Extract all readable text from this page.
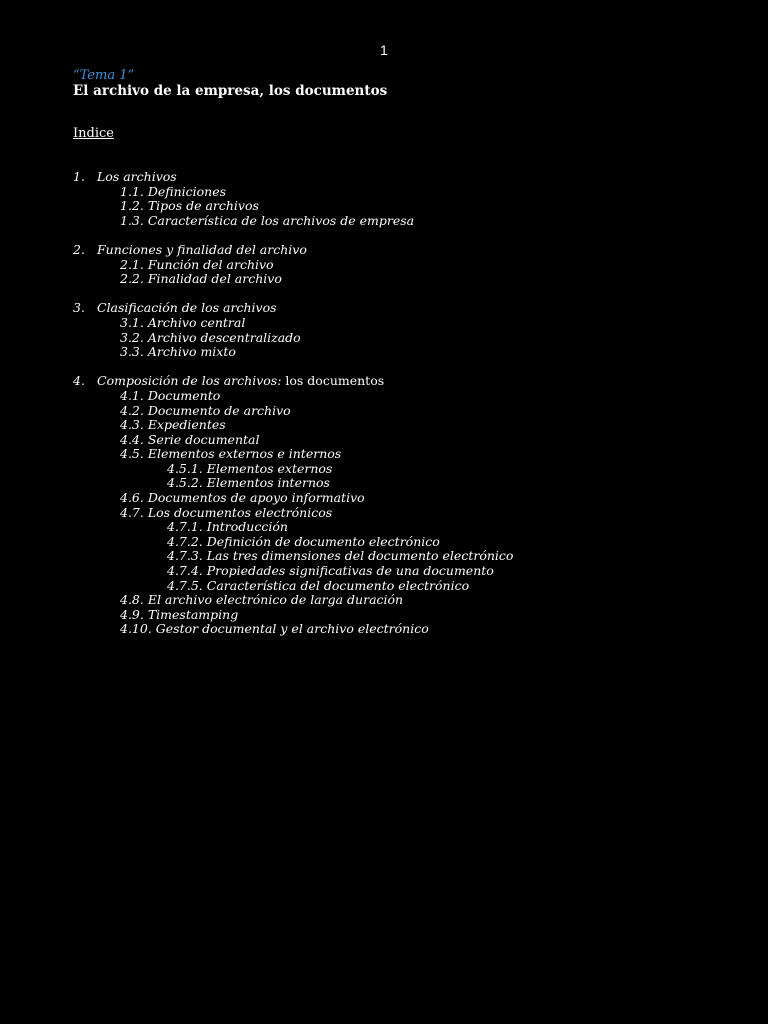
1

“Tema 1”

El archivo de la empresa, los documentos

Indice

1. Los archivos
1.1. Definiciones
1.2. Tipos de archivos
1.3. Característica de los archivos de empresa
2. Funciones y finalidad del archivo
2.1. Función del archivo
2.2. Finalidad del archivo
3. Clasificación de los archivos
3.1. Archivo central
3.2. Archivo descentralizado
3.3. Archivo mixto
4. Composición de los archivos: los documentos
4.1. Documento
4.2. Documento de archivo
4.3. Expedientes
4.4. Serie documental
4.5. Elementos externos e internos
4.5.1. Elementos externos
4.5.2. Elementos internos
4.6. Documentos de apoyo informativo
4.7. Los documentos electrónicos
4.7.1. Introducción
4.7.2. Definición de documento electrónico
4.7.3. Las tres dimensiones del documento electrónico
4.7.4. Propiedades significativas de una documento
4.7.5. Característica del documento electrónico
4.8. El archivo electrónico de larga duración
4.9. Timestamping
4.10. Gestor documental y el archivo electrónico
